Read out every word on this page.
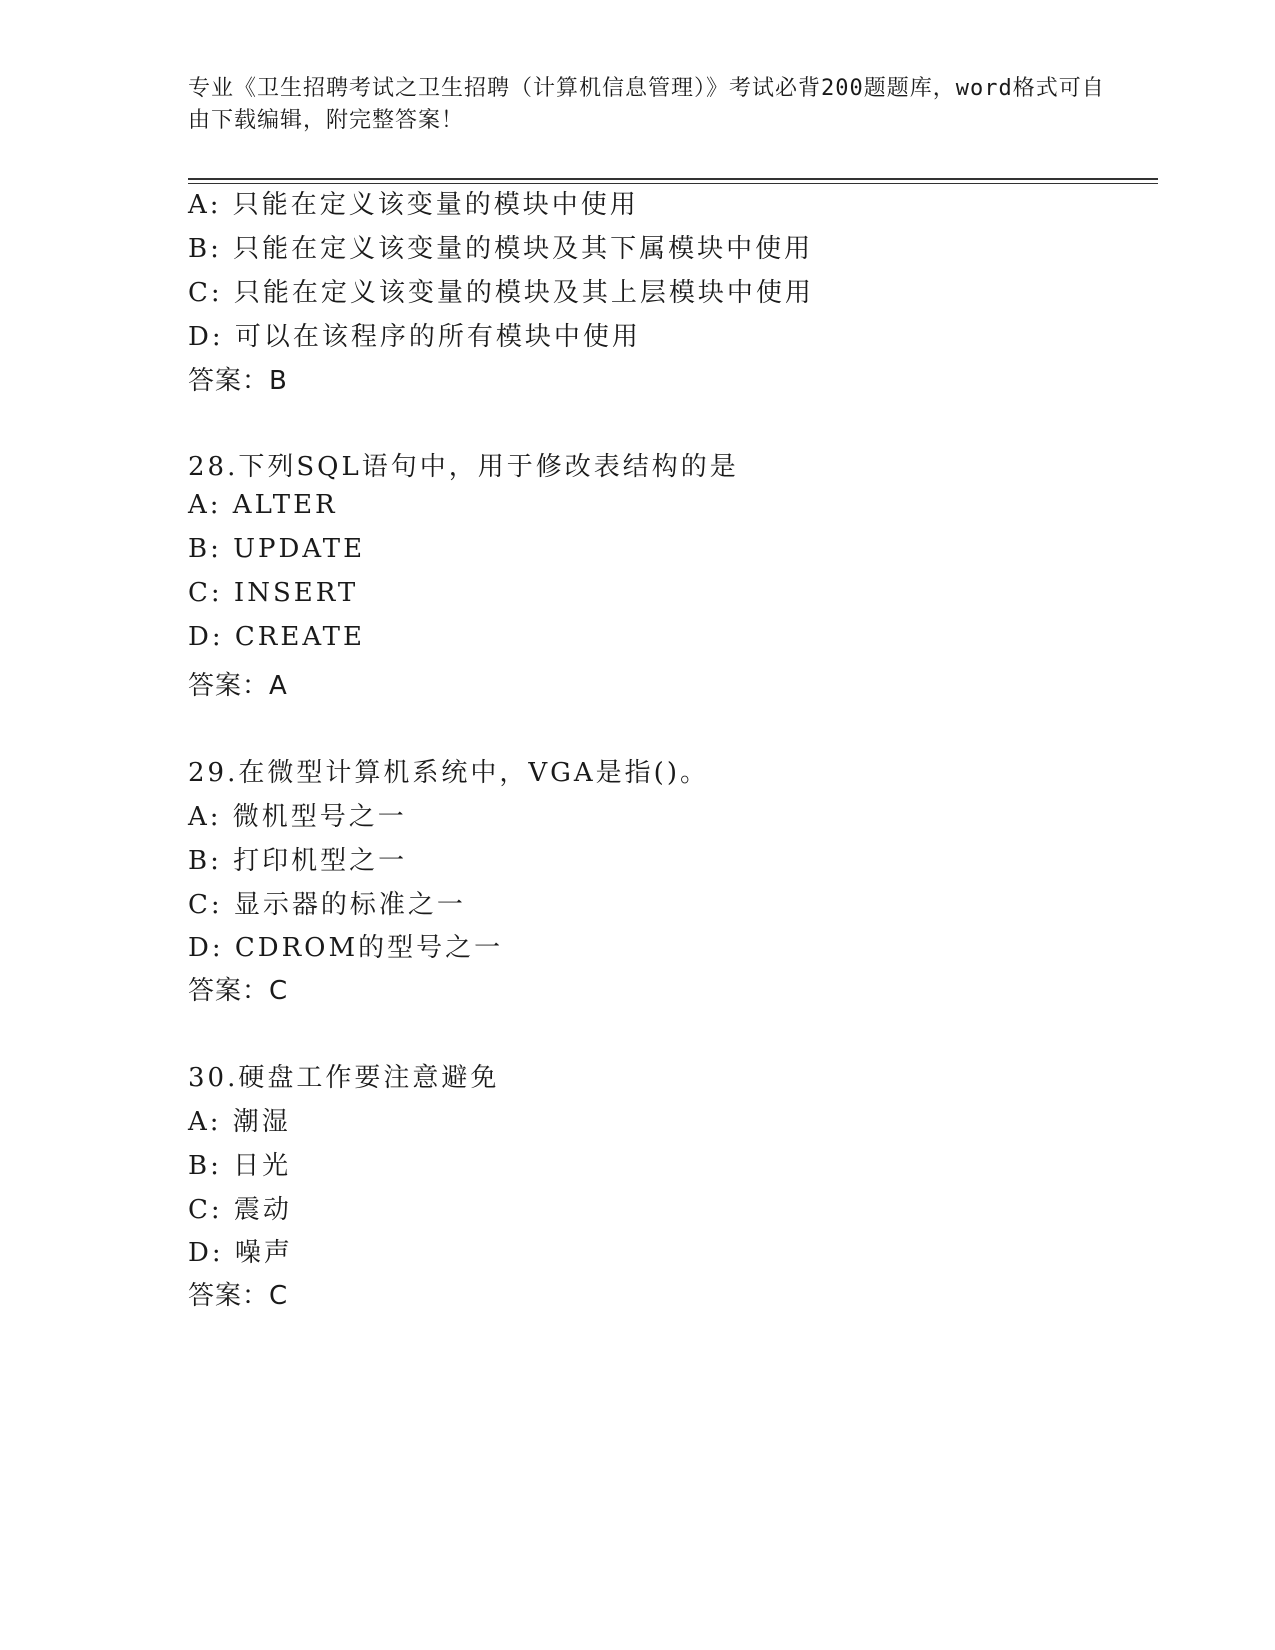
专业《卫生招聘考试之卫生招聘（计算机信息管理）》考试必背200题题库，word格式可自由下载编辑，附完整答案！
A: 只能在定义该变量的模块中使用
B: 只能在定义该变量的模块及其下属模块中使用
C: 只能在定义该变量的模块及其上层模块中使用
D: 可以在该程序的所有模块中使用
答案：B
28.下列SQL语句中，用于修改表结构的是
A: ALTER
B: UPDATE
C: INSERT
D: CREATE
答案：A
29.在微型计算机系统中，VGA是指()。
A: 微机型号之一
B: 打印机型之一
C: 显示器的标准之一
D: CDROM的型号之一
答案：C
30.硬盘工作要注意避免
A: 潮湿
B: 日光
C: 震动
D: 噪声
答案：C
